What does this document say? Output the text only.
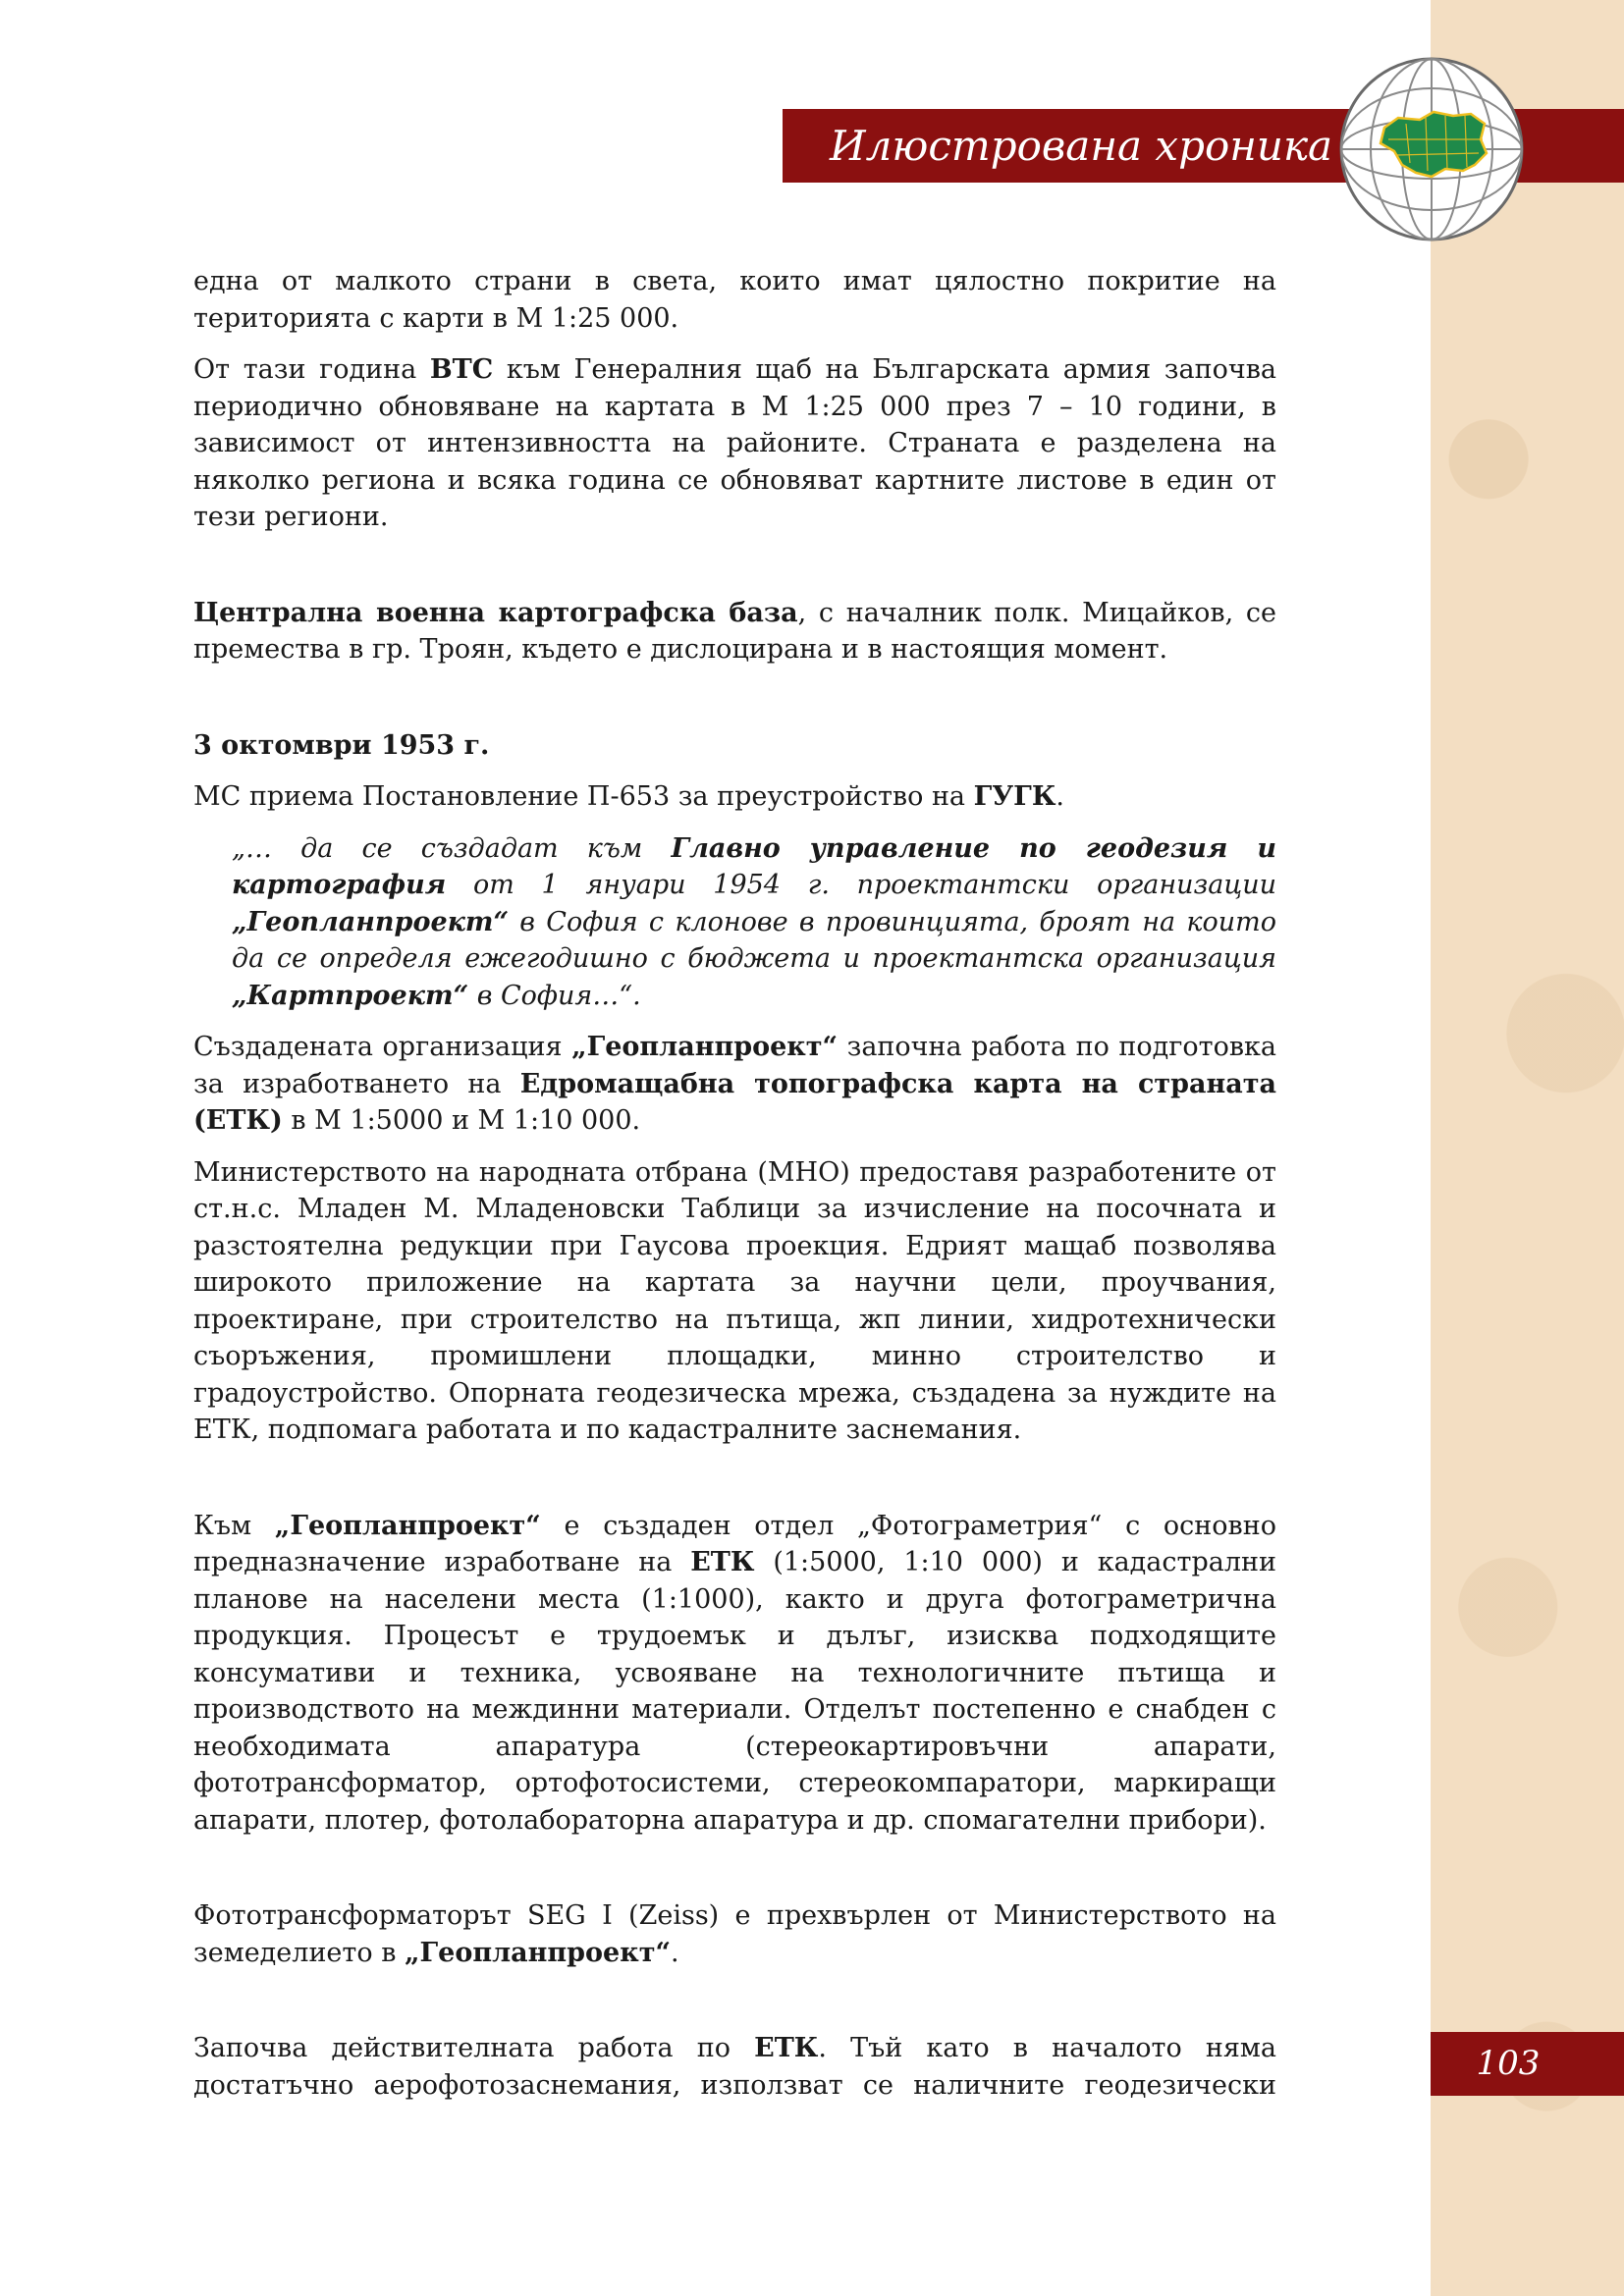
Илюстрована хроника
103

една от малкото страни в света, които имат цялостно покритие на територията с карти в М 1:25 000.

От тази година ВТС към Генералния щаб на Българската армия започва периодично обновяване на картата в М 1:25 000 през 7 – 10 години, в зависимост от интензивността на районите. Страната е разделена на няколко региона и всяка година се обновяват картните листове в един от тези региони.

Централна военна картографска база, с началник полк. Мицайков, се премества в гр. Троян, където е дислоцирана и в настоящия момент.

3 октомври 1953 г.

МС приема Постановление П-653 за преустройство на ГУГК.

„… да се създадат към Главно управление по геодезия и картография от 1 януари 1954 г. проектантски организации „Геопланпроект“ в София с клонове в провинцията, броят на които да се определя ежегодишно с бюджета и проектантска организация „Картпроект“ в София…“.

Създадената организация „Геопланпроект“ започна работа по подготовка за изработването на Едромащабна топографска карта на страната (ЕТК) в М 1:5000 и М 1:10 000.

Министерството на народната отбрана (МНО) предоставя разработените от ст.н.с. Младен М. Младеновски Таблици за изчисление на посочната и разстоятелна редукции при Гаусова проекция. Едрият мащаб позволява широкото приложение на картата за научни цели, проучвания, проектиране, при строителство на пътища, жп линии, хидротехнически съоръжения, промишлени площадки, минно строителство и градоустройство. Опорната геодезическа мрежа, създадена за нуждите на ЕТК, подпомага работата и по кадастралните заснемания.

Към „Геопланпроект“ е създаден отдел „Фотограметрия“ с основно предназначение изработване на ЕТК (1:5000, 1:10 000) и кадастрални планове на населени места (1:1000), както и друга фотограметрична продукция. Процесът е трудоемък и дълъг, изисква подходящите консумативи и техника, усвояване на технологичните пътища и производството на междинни материали. Отделът постепенно е снабден с необходимата апаратура (стереокартировъчни апарати, фототрансформатор, ортофотосистеми, стереокомпаратори, маркиращи апарати, плотер, фотолабораторна апаратура и др. спомагателни прибори).

Фототрансформаторът SEG I (Zeiss) е прехвърлен от Министерството на земеделието в „Геопланпроект“.

Започва действителната работа по ЕТК. Тъй като в началото няма достатъчно аерофотозаснемания, използват се наличните геодезически
